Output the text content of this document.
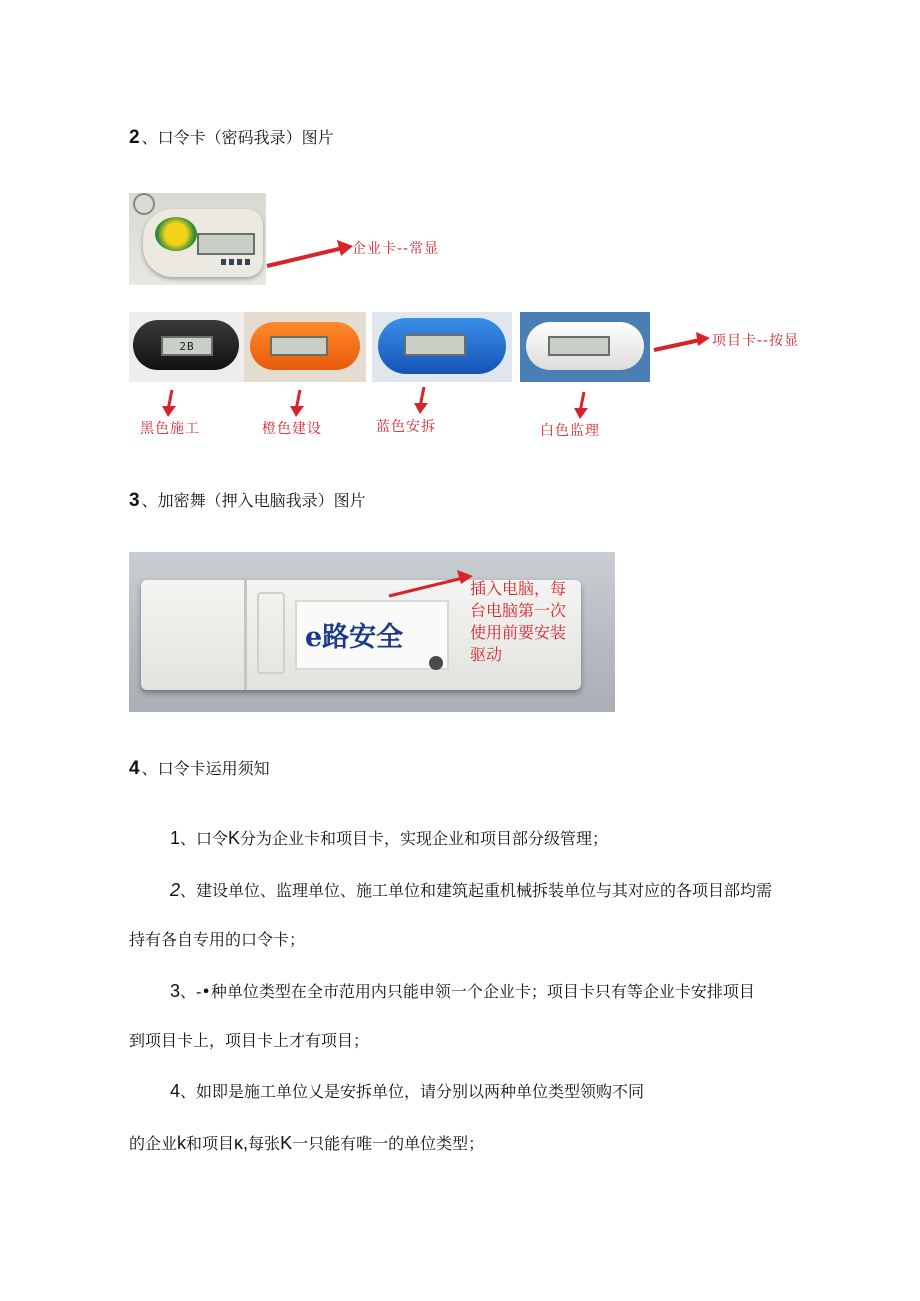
2 、口令卡（密码我录）图片
企业卡--常显
2B	项目卡--按显
黑色施工	橙色建设	蓝色安拆	白色监理
3 、加密舞（押入电脑我录）图片
e路安全
插入电脑，每
台电脑第一次
使用前要安装
驱动
4 、口令卡运用须知
1、口令K分为企业卡和项目卡，实现企业和项目部分级管理；
2、建设单位、监理单位、施工单位和建筑起重机械拆装单位与其对应的各项目部均需
持有各自专用的口令卡；
3、-•种单位类型在全市范用内只能申领一个企业卡；项目卡只有等企业卡安排项目
到项目卡上，项目卡上才有项目；
4、如即是施工单位乂是安拆单位，请分别以两种单位类型领购不同
的企业k和项目κ,每张K一只能有唯一的单位类型；
